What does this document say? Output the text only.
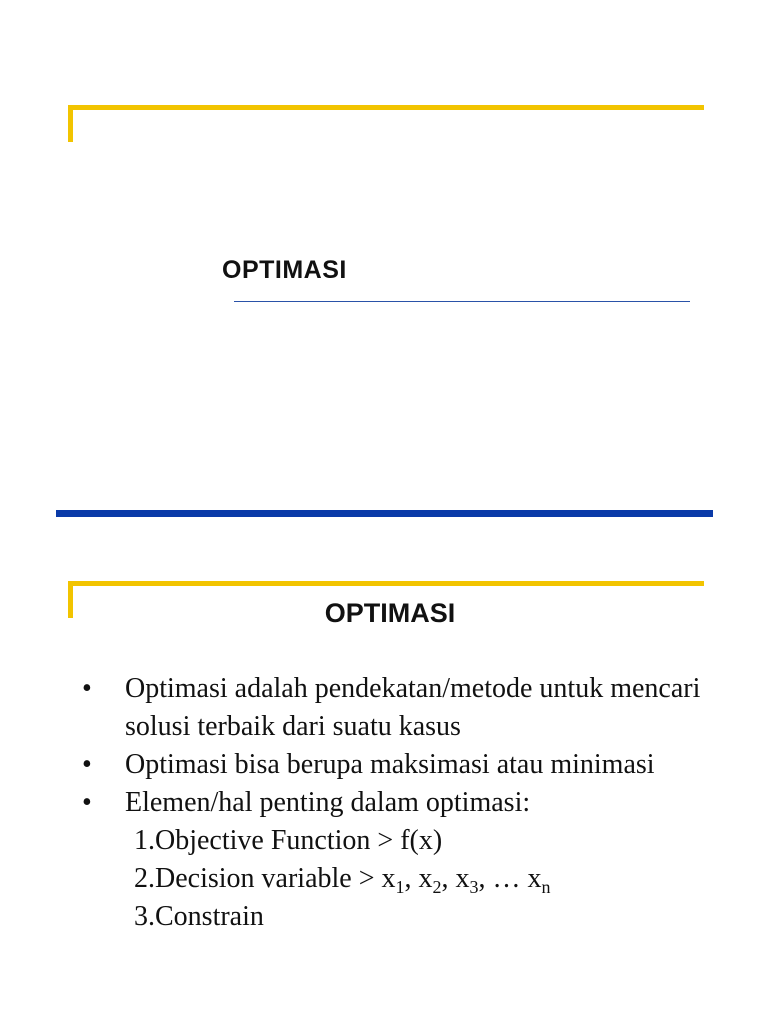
OPTIMASI
OPTIMASI
• Optimasi adalah pendekatan/metode untuk mencari solusi terbaik dari suatu kasus
• Optimasi bisa berupa maksimasi atau minimasi
• Elemen/hal penting dalam optimasi:
1.Objective Function > f(x)
2.Decision variable > $x_1$, $x_2$, $x_3$, … $x_n$
3.Constrain
